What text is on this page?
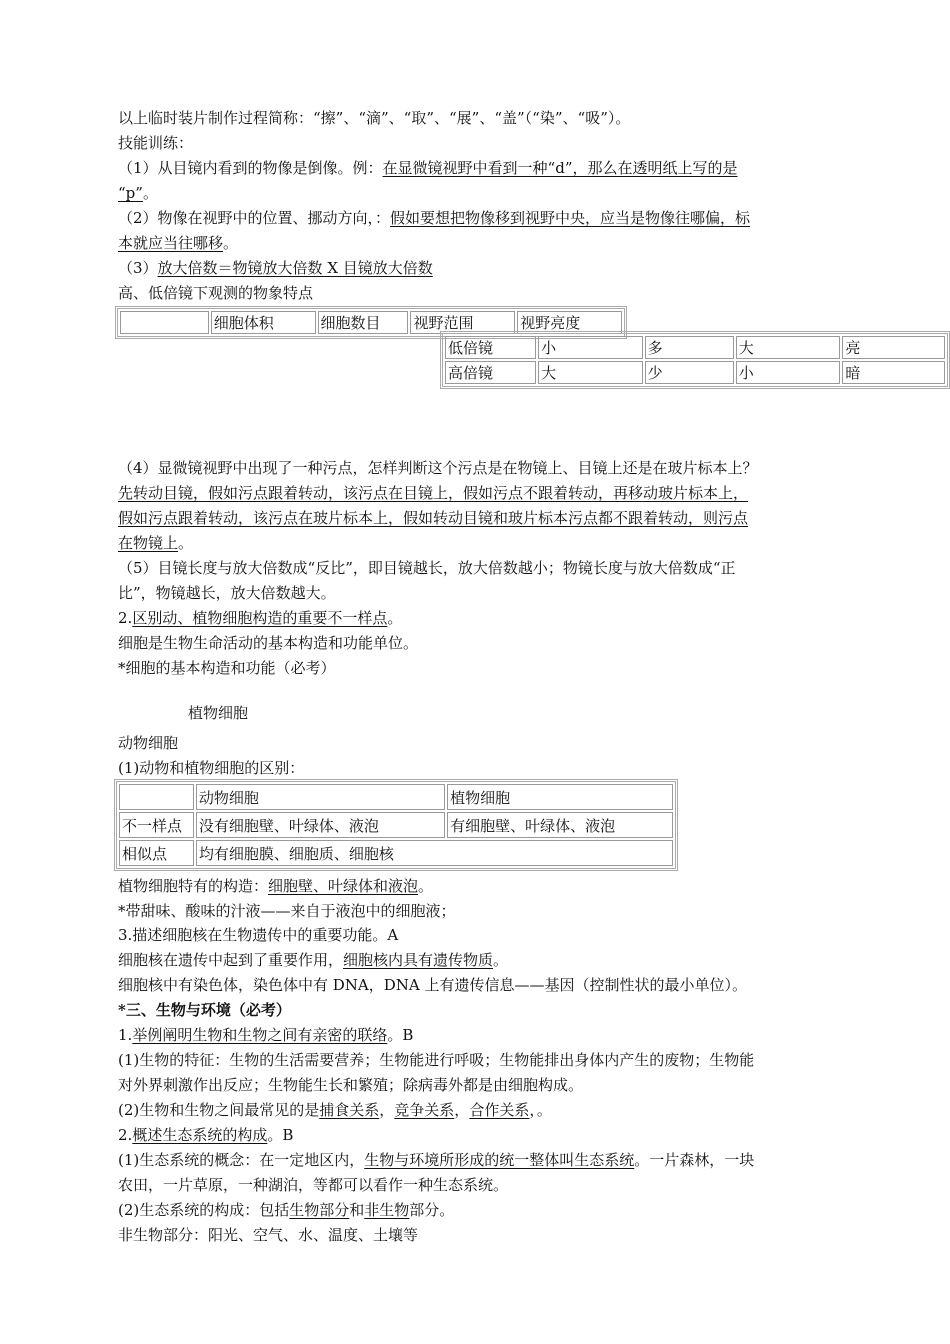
以上临时装片制作过程简称：“擦”、“滴”、“取”、“展”、“盖”（“染”、“吸”）。
技能训练：
（1）从目镜内看到的物像是倒像。例：在显微镜视野中看到一种“d”，那么在透明纸上写的是
“p”。
（2）物像在视野中的位置、挪动方向，：假如要想把物像移到视野中央，应当是物像往哪偏，标
本就应当往哪移。
（3）放大倍数＝物镜放大倍数 X 目镜放大倍数
高、低倍镜下观测的物象特点
	细胞体积	细胞数目	视野范围	视野亮度
低倍镜	小	多	大	亮
高倍镜	大	少	小	暗
（4）显微镜视野中出现了一种污点，怎样判断这个污点是在物镜上、目镜上还是在玻片标本上？
先转动目镜，假如污点跟着转动，该污点在目镜上，假如污点不跟着转动，再移动玻片标本上，
假如污点跟着转动，该污点在玻片标本上，假如转动目镜和玻片标本污点都不跟着转动，则污点
在物镜上。
（5）目镜长度与放大倍数成“反比”，即目镜越长，放大倍数越小；物镜长度与放大倍数成“正
比”，物镜越长，放大倍数越大。
2.区别动、植物细胞构造的重要不一样点。
细胞是生物生命活动的基本构造和功能单位。
*细胞的基本构造和功能（必考）
植物细胞
动物细胞
(1)动物和植物细胞的区别：
	动物细胞	植物细胞
不一样点	没有细胞壁、叶绿体、液泡	有细胞壁、叶绿体、液泡
相似点	均有细胞膜、细胞质、细胞核	
植物细胞特有的构造：细胞壁、叶绿体和液泡。
*带甜味、酸味的汁液——来自于液泡中的细胞液；
3.描述细胞核在生物遗传中的重要功能。A
细胞核在遗传中起到了重要作用，细胞核内具有遗传物质。
细胞核中有染色体，染色体中有 DNA，DNA 上有遗传信息——基因（控制性状的最小单位）。
*三、生物与环境（必考）
1.举例阐明生物和生物之间有亲密的联络。B
(1)生物的特征：生物的生活需要营养；生物能进行呼吸；生物能排出身体内产生的废物；生物能
对外界刺激作出反应；生物能生长和繁殖；除病毒外都是由细胞构成。
(2)生物和生物之间最常见的是捕食关系，竞争关系，合作关系，。
2.概述生态系统的构成。B
(1)生态系统的概念：在一定地区内，生物与环境所形成的统一整体叫生态系统。一片森林，一块
农田，一片草原，一种湖泊，等都可以看作一种生态系统。
(2)生态系统的构成：包括生物部分和非生物部分。
非生物部分：阳光、空气、水、温度、土壤等
